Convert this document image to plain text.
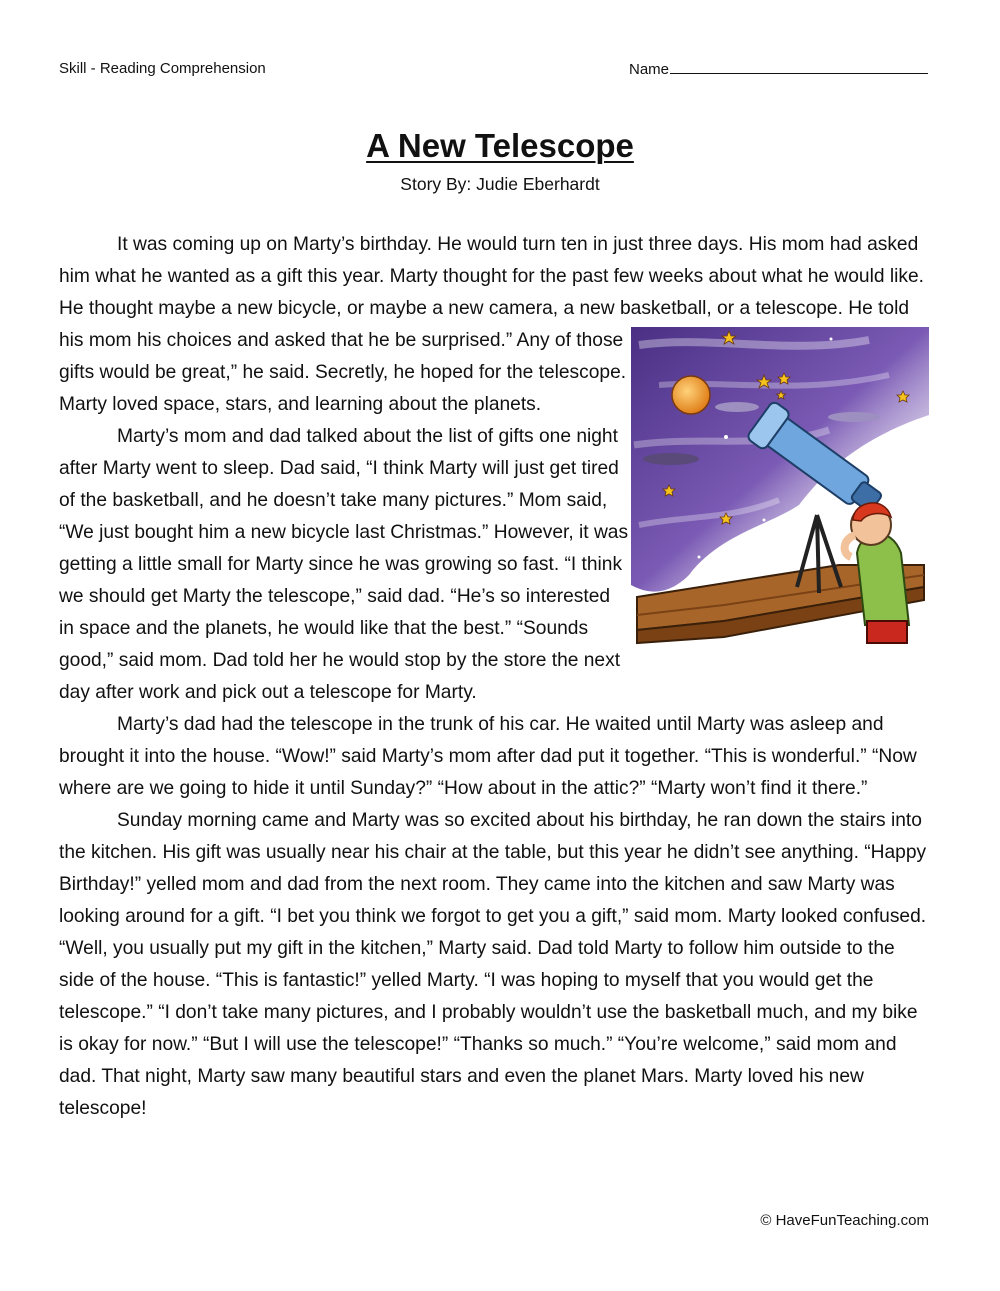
Skill - Reading Comprehension	Name
A New Telescope
Story By: Judie Eberhardt

It was coming up on Marty’s birthday. He would turn ten in just three days. His mom had asked him what he wanted as a gift this year. Marty thought for the past few weeks about what he would like. He thought maybe a new bicycle, or maybe a new camera, a new basketball, or a telescope. He told his mom his choices and asked that he be surprised.” Any of those gifts would be great,” he said. Secretly, he hoped for the telescope. Marty loved space, stars, and learning about the planets.

Marty’s mom and dad talked about the list of gifts one night after Marty went to sleep. Dad said, “I think Marty will just get tired of the basketball, and he doesn’t take many pictures.” Mom said, “We just bought him a new bicycle last Christmas.” However, it was getting a little small for Marty since he was growing so fast. “I think we should get Marty the telescope,” said dad. “He’s so interested in space and the planets, he would like that the best.” “Sounds good,” said mom. Dad told her he would stop by the store the next day after work and pick out a telescope for Marty.

Marty’s dad had the telescope in the trunk of his car. He waited until Marty was asleep and brought it into the house. “Wow!” said Marty’s mom after dad put it together. “This is wonderful.” “Now where are we going to hide it until Sunday?” “How about in the attic?” “Marty won’t find it there.”

Sunday morning came and Marty was so excited about his birthday, he ran down the stairs into the kitchen. His gift was usually near his chair at the table, but this year he didn’t see anything. “Happy Birthday!” yelled mom and dad from the next room. They came into the kitchen and saw Marty was looking around for a gift. “I bet you think we forgot to get you a gift,” said mom. Marty looked confused. “Well, you usually put my gift in the kitchen,” Marty said. Dad told Marty to follow him outside to the side of the house. “This is fantastic!” yelled Marty. “I was hoping to myself that you would get the telescope.” “I don’t take many pictures, and I probably wouldn’t use the basketball much, and my bike is okay for now.” “But I will use the telescope!” “Thanks so much.” “You’re welcome,” said mom and dad. That night, Marty saw many beautiful stars and even the planet Mars. Marty loved his new telescope!

© HaveFunTeaching.com
